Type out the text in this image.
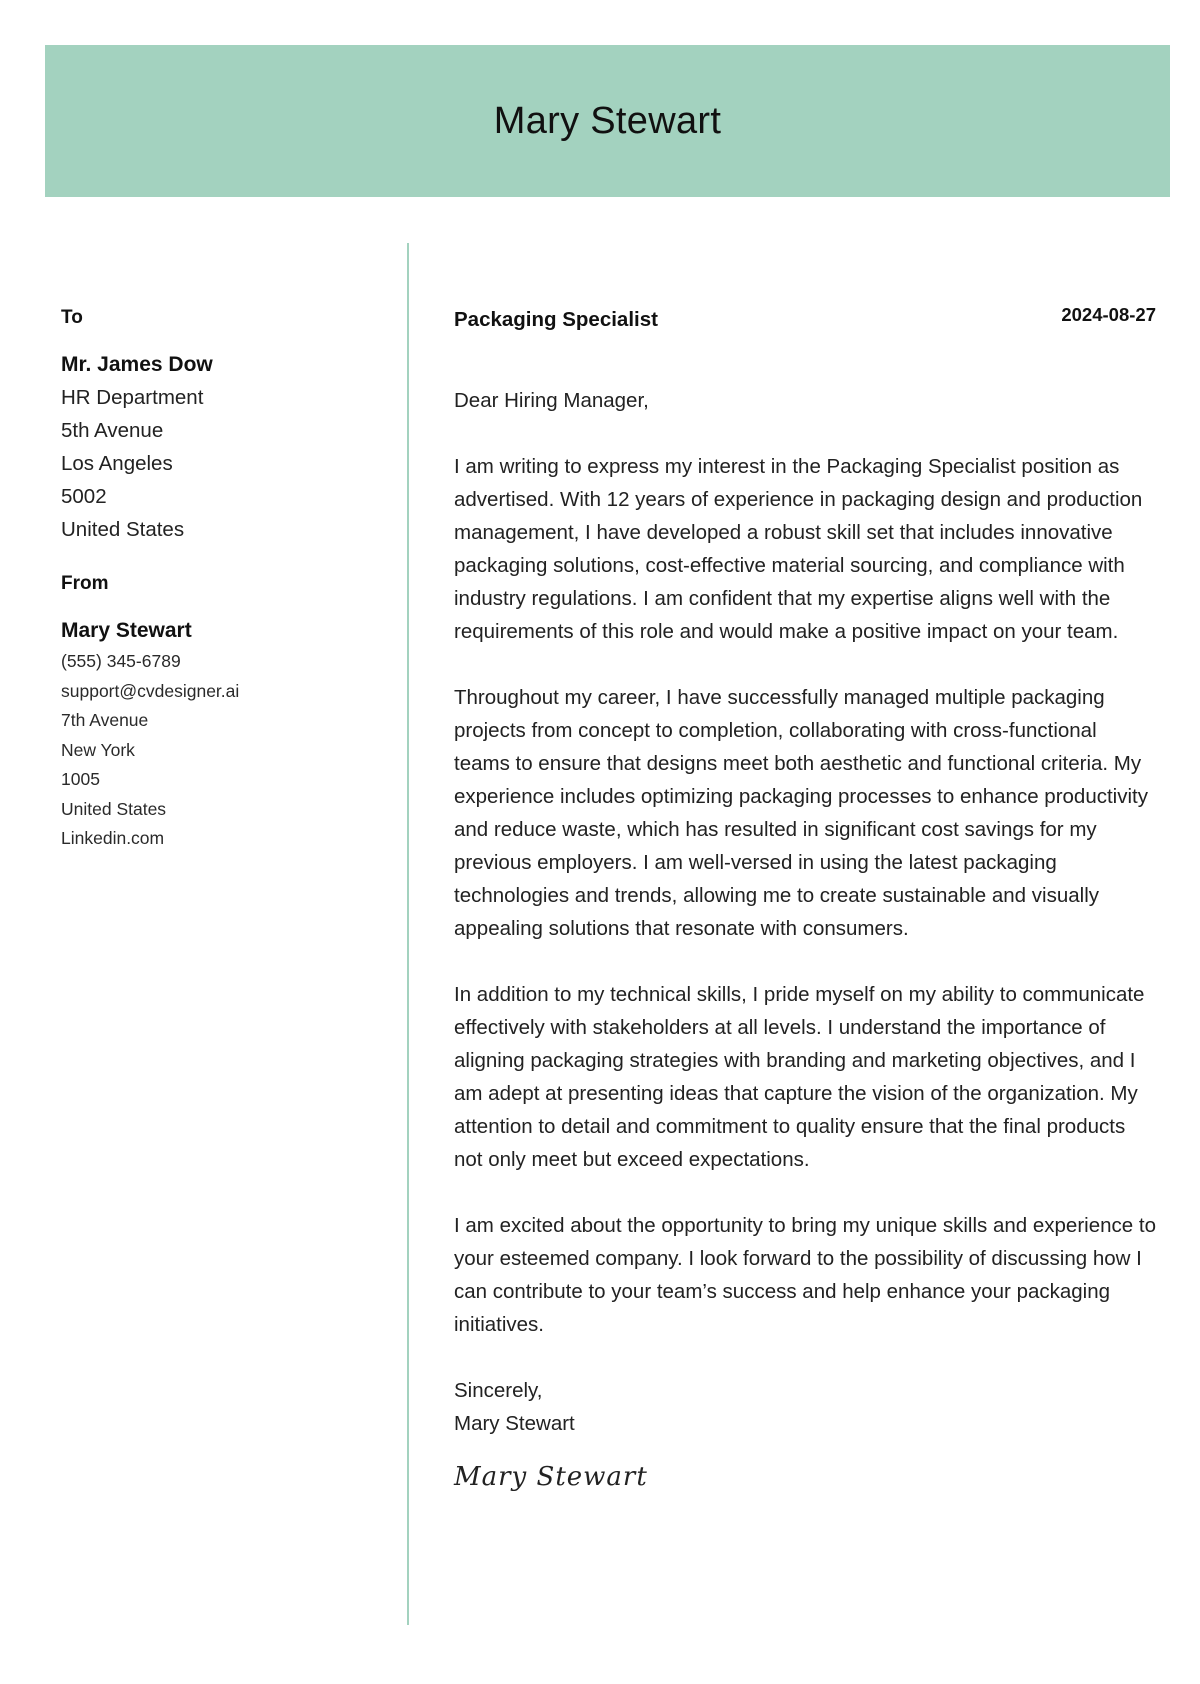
Mary Stewart
To
Mr. James Dow
HR Department
5th Avenue
Los Angeles
5002
United States
From
Mary Stewart
(555) 345-6789
support@cvdesigner.ai
7th Avenue
New York
1005
United States
Linkedin.com
Packaging Specialist	2024-08-27
Dear Hiring Manager,

I am writing to express my interest in the Packaging Specialist position as advertised. With 12 years of experience in packaging design and production management, I have developed a robust skill set that includes innovative packaging solutions, cost-effective material sourcing, and compliance with industry regulations. I am confident that my expertise aligns well with the requirements of this role and would make a positive impact on your team.

Throughout my career, I have successfully managed multiple packaging projects from concept to completion, collaborating with cross-functional teams to ensure that designs meet both aesthetic and functional criteria. My experience includes optimizing packaging processes to enhance productivity and reduce waste, which has resulted in significant cost savings for my previous employers. I am well-versed in using the latest packaging technologies and trends, allowing me to create sustainable and visually appealing solutions that resonate with consumers.

In addition to my technical skills, I pride myself on my ability to communicate effectively with stakeholders at all levels. I understand the importance of aligning packaging strategies with branding and marketing objectives, and I am adept at presenting ideas that capture the vision of the organization. My attention to detail and commitment to quality ensure that the final products not only meet but exceed expectations.

I am excited about the opportunity to bring my unique skills and experience to your esteemed company. I look forward to the possibility of discussing how I can contribute to your team’s success and help enhance your packaging initiatives.

Sincerely,
Mary Stewart
Mary Stewart
